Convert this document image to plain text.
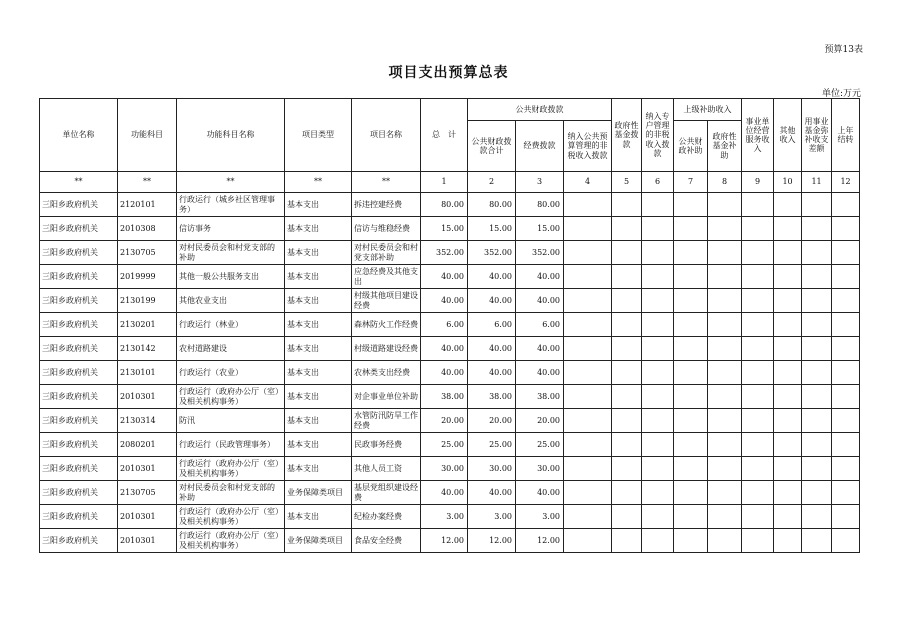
预算13表
项目支出预算总表
单位:万元
单位名称	功能科目	功能科目名称	项目类型	项目名称	总　计	公共财政拨款			政府性基金拨款	纳入专户管理的非税收入拨款	上级补助收入		事业单位经营服务收入	其他收入	用事业基金弥补收支差额	上年结转
						公共财政拨款合计	经费拨款	纳入公共预算管理的非税收入拨款			公共财政补助	政府性基金补助				
**	**	**	**	**	1	2	3	4	5	6	7	8	9	10	11	12
三阳乡政府机关	2120101	行政运行（城乡社区管理事务）	基本支出	拆违控建经费	80.00	80.00	80.00									
三阳乡政府机关	2010308	信访事务	基本支出	信访与维稳经费	15.00	15.00	15.00									
三阳乡政府机关	2130705	对村民委员会和村党支部的补助	基本支出	对村民委员会和村党支部补助	352.00	352.00	352.00									
三阳乡政府机关	2019999	其他一般公共服务支出	基本支出	应急经费及其他支出	40.00	40.00	40.00									
三阳乡政府机关	2130199	其他农业支出	基本支出	村级其他项目建设经费	40.00	40.00	40.00									
三阳乡政府机关	2130201	行政运行（林业）	基本支出	森林防火工作经费	6.00	6.00	6.00									
三阳乡政府机关	2130142	农村道路建设	基本支出	村级道路建设经费	40.00	40.00	40.00									
三阳乡政府机关	2130101	行政运行（农业）	基本支出	农林类支出经费	40.00	40.00	40.00									
三阳乡政府机关	2010301	行政运行（政府办公厅（室）及相关机构事务）	基本支出	对企事业单位补助	38.00	38.00	38.00									
三阳乡政府机关	2130314	防汛	基本支出	水管防汛防旱工作经费	20.00	20.00	20.00									
三阳乡政府机关	2080201	行政运行（民政管理事务）	基本支出	民政事务经费	25.00	25.00	25.00									
三阳乡政府机关	2010301	行政运行（政府办公厅（室）及相关机构事务）	基本支出	其他人员工资	30.00	30.00	30.00									
三阳乡政府机关	2130705	对村民委员会和村党支部的补助	业务保障类项目	基层党组织建设经费	40.00	40.00	40.00									
三阳乡政府机关	2010301	行政运行（政府办公厅（室）及相关机构事务）	基本支出	纪检办案经费	3.00	3.00	3.00									
三阳乡政府机关	2010301	行政运行（政府办公厅（室）及相关机构事务）	业务保障类项目	食品安全经费	12.00	12.00	12.00									
